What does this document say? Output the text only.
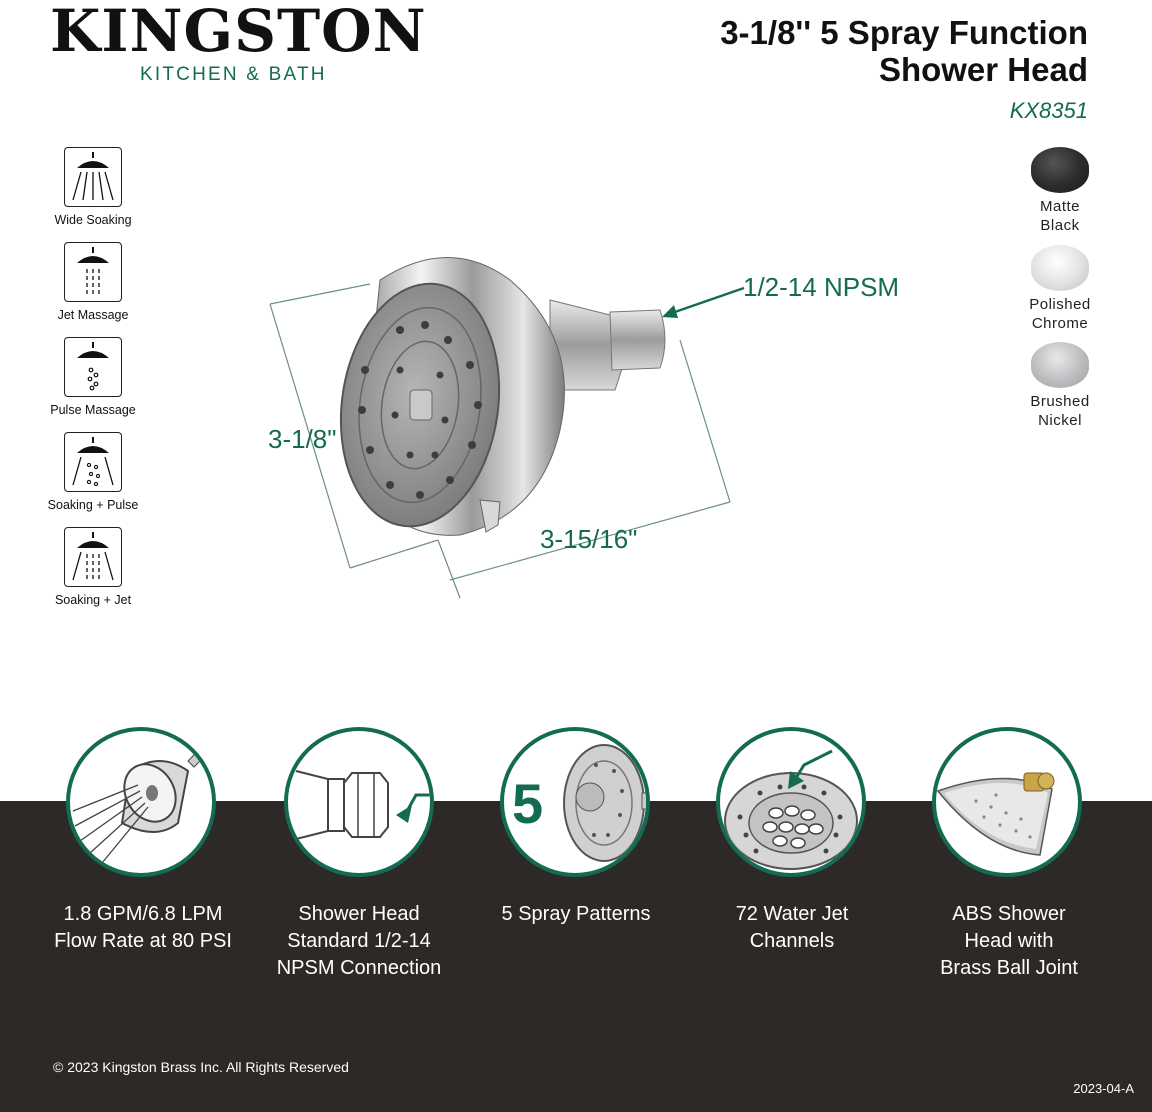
KINGSTON
KITCHEN & BATH
3-1/8'' 5 Spray Function
Shower Head
KX8351
Wide Soaking
Jet Massage
Pulse Massage
Soaking + Pulse
Soaking + Jet
Matte
Black
Polished
Chrome
Brushed
Nickel
1/2-14 NPSM
3-1/8"
3-15/16"
5
1.8 GPM/6.8 LPM
Flow Rate at 80 PSI
Shower Head
Standard 1/2-14
NPSM Connection
5 Spray Patterns	72 Water Jet
Channels
ABS Shower
Head with
Brass Ball Joint
© 2023 Kingston Brass Inc. All Rights Reserved
2023-04-A
